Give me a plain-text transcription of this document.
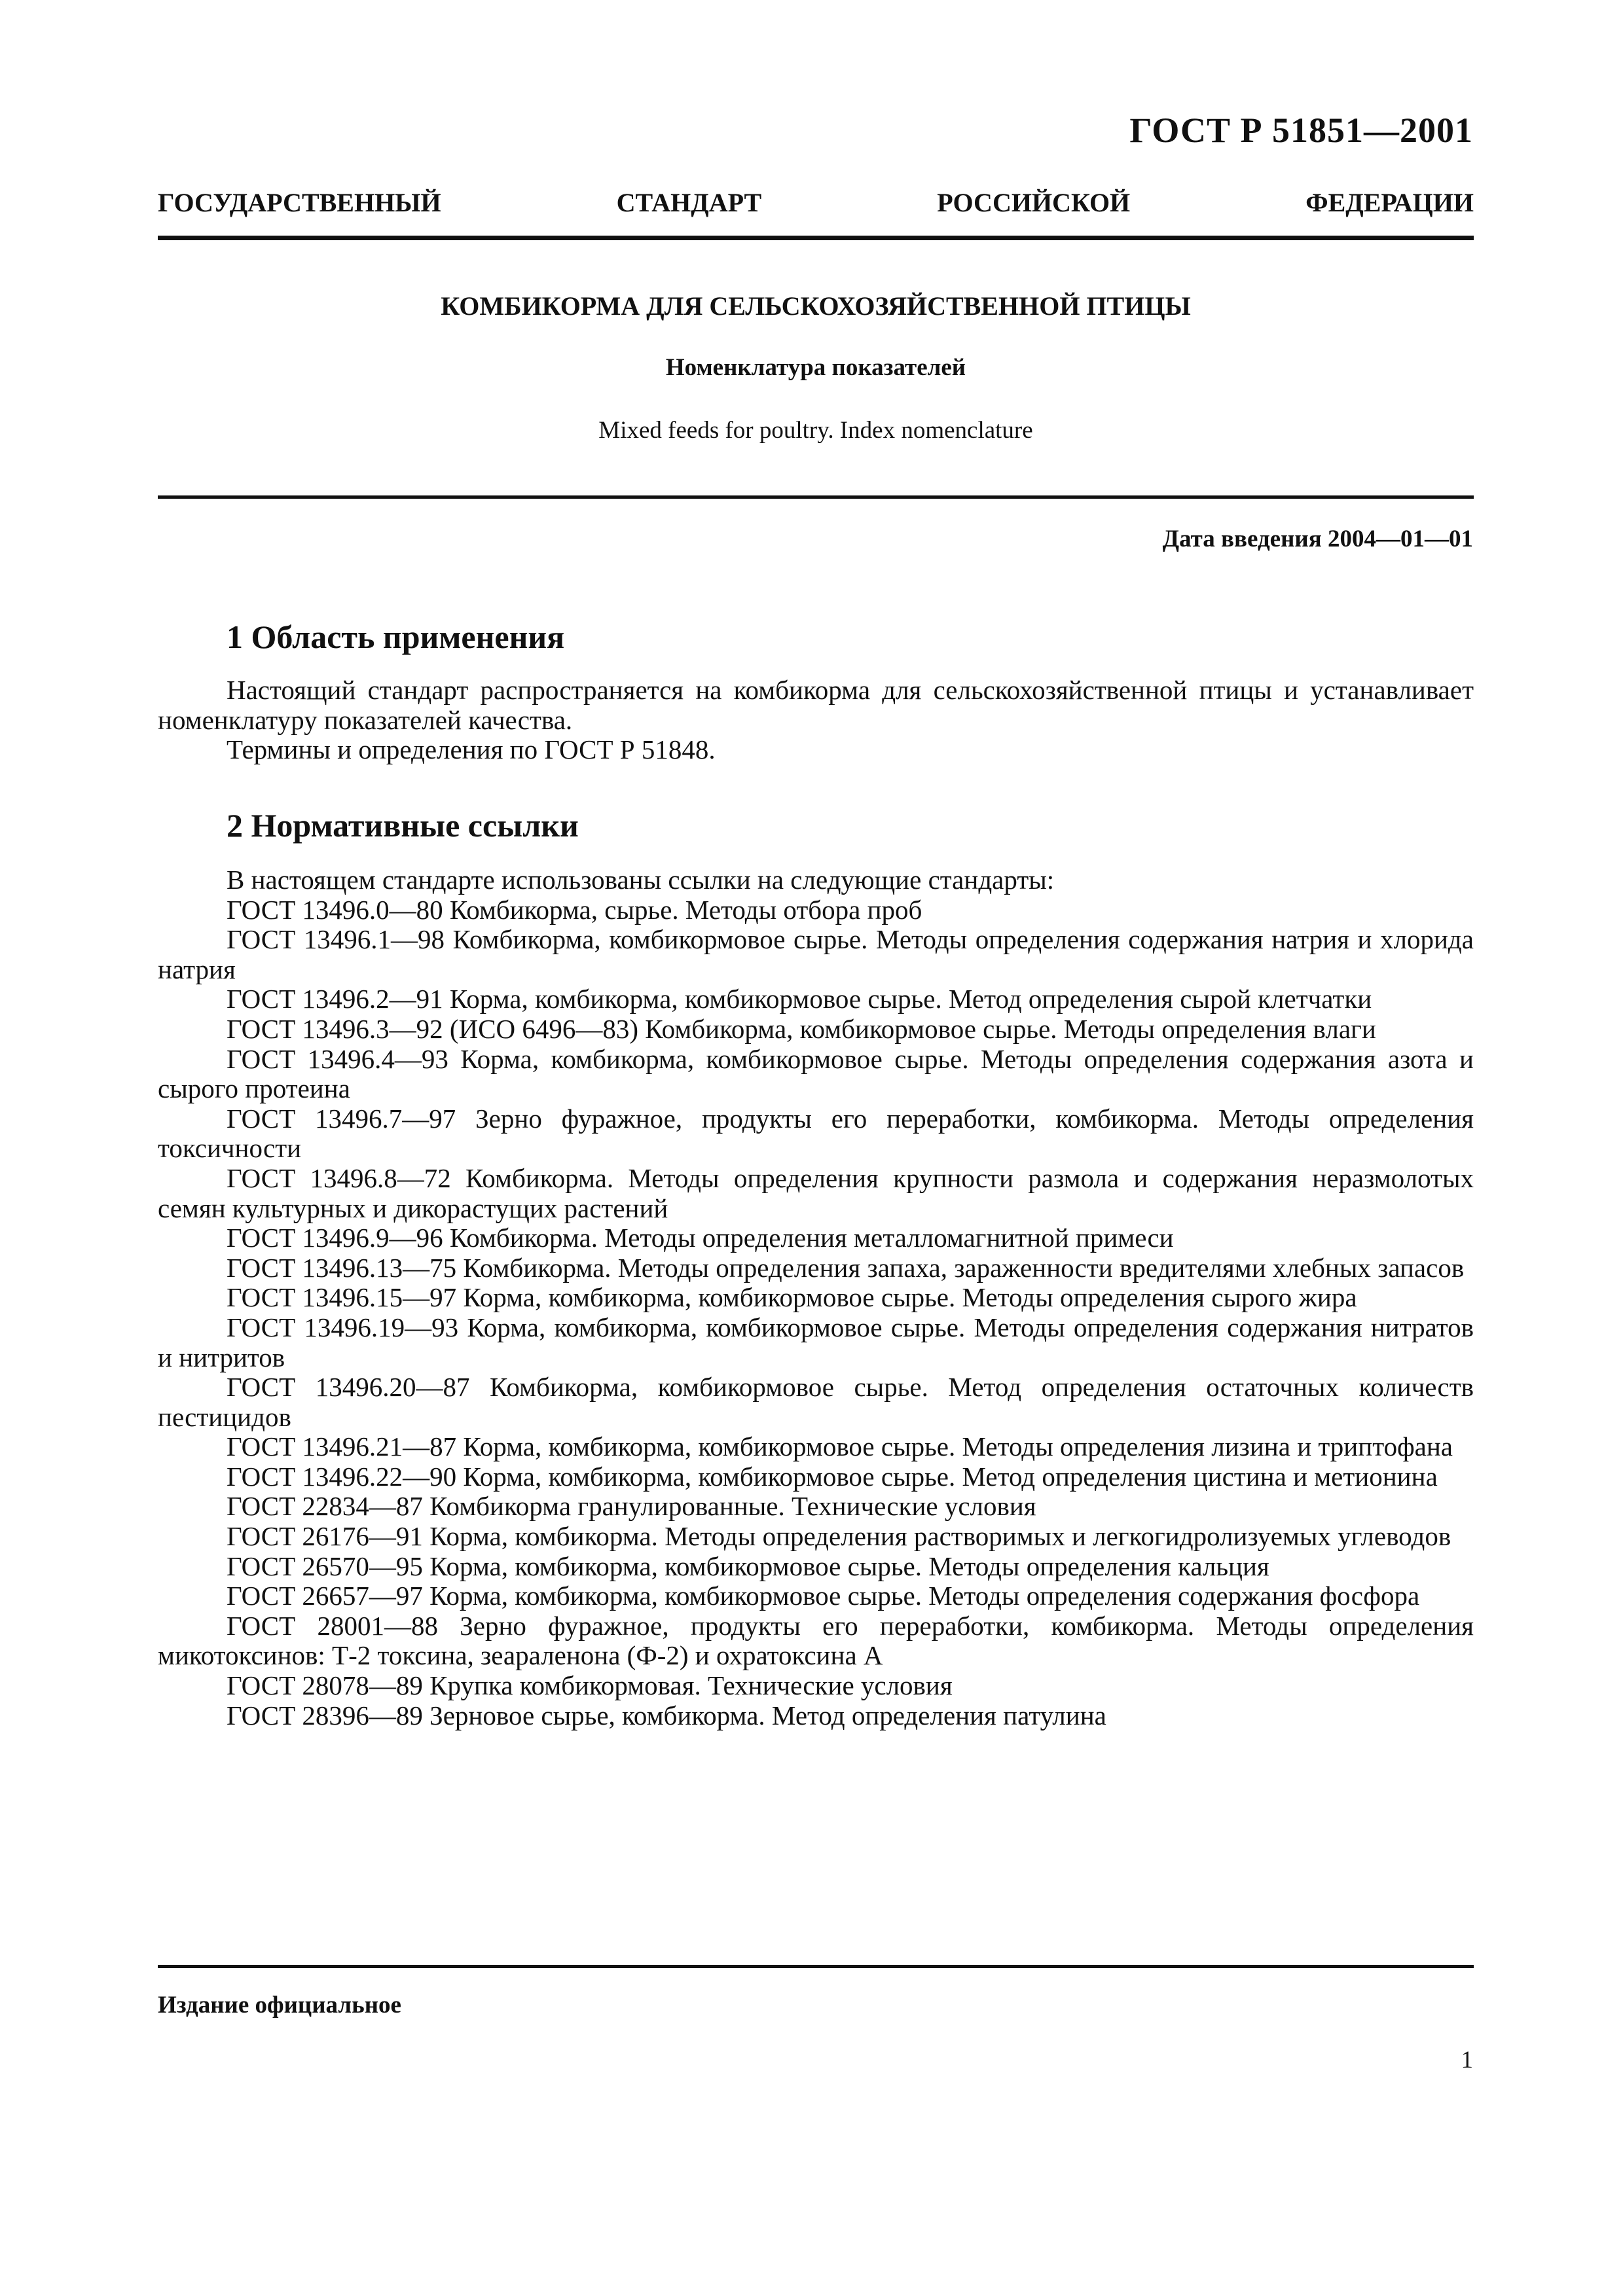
ГОСТ Р 51851—2001
ГОСУДАРСТВЕННЫЙ СТАНДАРТ РОССИЙСКОЙ ФЕДЕРАЦИИ
КОМБИКОРМА ДЛЯ СЕЛЬСКОХОЗЯЙСТВЕННОЙ ПТИЦЫ
Номенклатура показателей
Mixed feeds for poultry. Index nomenclature
Дата введения 2004—01—01
1 Область применения

Настоящий стандарт распространяется на комбикорма для сельскохозяйственной птицы и устанавливает номенклатуру показателей качества.

Термины и определения по ГОСТ Р 51848.

2 Нормативные ссылки

В настоящем стандарте использованы ссылки на следующие стандарты:

ГОСТ 13496.0—80 Комбикорма, сырье. Методы отбора проб

ГОСТ 13496.1—98 Комбикорма, комбикормовое сырье. Методы определения содержания натрия и хлорида натрия

ГОСТ 13496.2—91 Корма, комбикорма, комбикормовое сырье. Метод определения сырой клетчатки

ГОСТ 13496.3—92 (ИСО 6496—83) Комбикорма, комбикормовое сырье. Методы определения влаги

ГОСТ 13496.4—93 Корма, комбикорма, комбикормовое сырье. Методы определения содержания азота и сырого протеина

ГОСТ 13496.7—97 Зерно фуражное, продукты его переработки, комбикорма. Методы определения токсичности

ГОСТ 13496.8—72 Комбикорма. Методы определения крупности размола и содержания неразмолотых семян культурных и дикорастущих растений

ГОСТ 13496.9—96 Комбикорма. Методы определения металломагнитной примеси

ГОСТ 13496.13—75 Комбикорма. Методы определения запаха, зараженности вредителями хлебных запасов

ГОСТ 13496.15—97 Корма, комбикорма, комбикормовое сырье. Методы определения сырого жира

ГОСТ 13496.19—93 Корма, комбикорма, комбикормовое сырье. Методы определения содержания нитратов и нитритов

ГОСТ 13496.20—87 Комбикорма, комбикормовое сырье. Метод определения остаточных количеств пестицидов

ГОСТ 13496.21—87 Корма, комбикорма, комбикормовое сырье. Методы определения лизина и триптофана

ГОСТ 13496.22—90 Корма, комбикорма, комбикормовое сырье. Метод определения цистина и метионина

ГОСТ 22834—87 Комбикорма гранулированные. Технические условия

ГОСТ 26176—91 Корма, комбикорма. Методы определения растворимых и легкогидролизуемых углеводов

ГОСТ 26570—95 Корма, комбикорма, комбикормовое сырье. Методы определения кальция

ГОСТ 26657—97 Корма, комбикорма, комбикормовое сырье. Методы определения содержания фосфора

ГОСТ 28001—88 Зерно фуражное, продукты его переработки, комбикорма. Методы определения микотоксинов: Т-2 токсина, зеараленона (Ф-2) и охратоксина А

ГОСТ 28078—89 Крупка комбикормовая. Технические условия

ГОСТ 28396—89 Зерновое сырье, комбикорма. Метод определения патулина

Издание официальное
1
